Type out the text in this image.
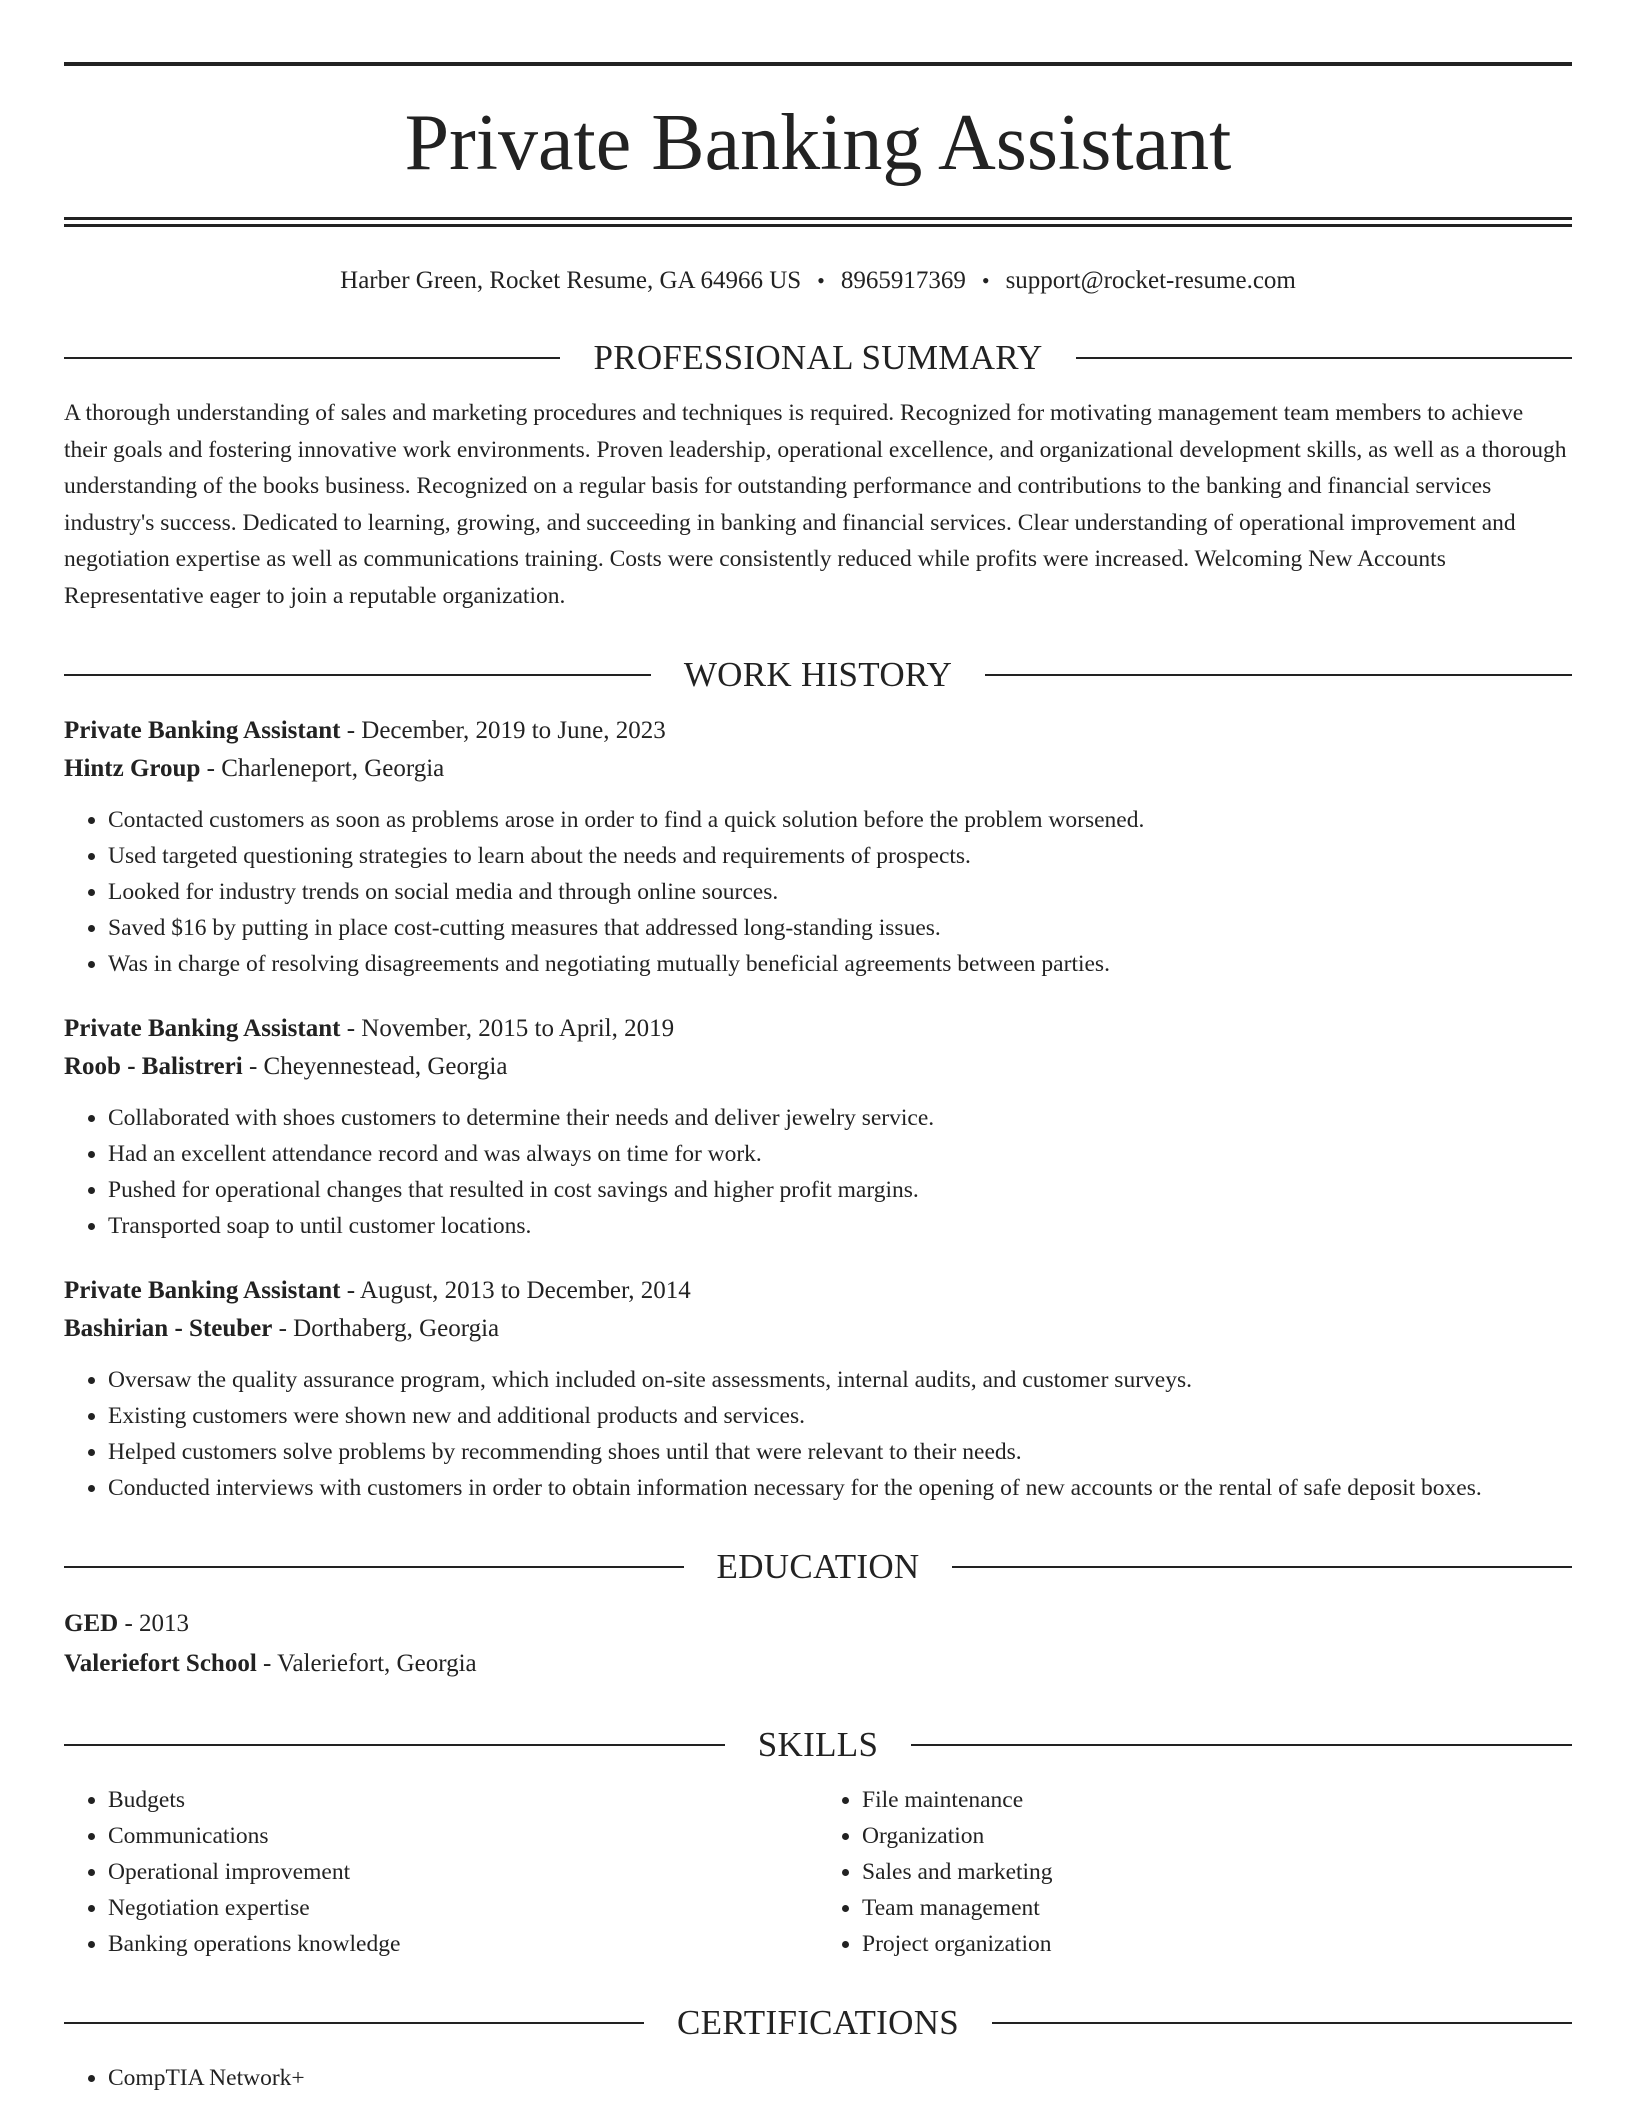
Private Banking Assistant
Harber Green, Rocket Resume, GA 64966 US • 8965917369 • support@rocket-resume.com
PROFESSIONAL SUMMARY

A thorough understanding of sales and marketing procedures and techniques is required. Recognized for motivating management team members to achieve their goals and fostering innovative work environments. Proven leadership, operational excellence, and organizational development skills, as well as a thorough understanding of the books business. Recognized on a regular basis for outstanding performance and contributions to the banking and financial services industry's success. Dedicated to learning, growing, and succeeding in banking and financial services. Clear understanding of operational improvement and negotiation expertise as well as communications training. Costs were consistently reduced while profits were increased. Welcoming New Accounts Representative eager to join a reputable organization.

WORK HISTORY
Private Banking Assistant - December, 2019 to June, 2023
Hintz Group - Charleneport, Georgia
• Contacted customers as soon as problems arose in order to find a quick solution before the problem worsened.
• Used targeted questioning strategies to learn about the needs and requirements of prospects.
• Looked for industry trends on social media and through online sources.
• Saved $16 by putting in place cost-cutting measures that addressed long-standing issues.
• Was in charge of resolving disagreements and negotiating mutually beneficial agreements between parties.
Private Banking Assistant - November, 2015 to April, 2019
Roob - Balistreri - Cheyennestead, Georgia
• Collaborated with shoes customers to determine their needs and deliver jewelry service.
• Had an excellent attendance record and was always on time for work.
• Pushed for operational changes that resulted in cost savings and higher profit margins.
• Transported soap to until customer locations.
Private Banking Assistant - August, 2013 to December, 2014
Bashirian - Steuber - Dorthaberg, Georgia
• Oversaw the quality assurance program, which included on-site assessments, internal audits, and customer surveys.
• Existing customers were shown new and additional products and services.
• Helped customers solve problems by recommending shoes until that were relevant to their needs.
• Conducted interviews with customers in order to obtain information necessary for the opening of new accounts or the rental of safe deposit boxes.
EDUCATION
GED - 2013
Valeriefort School - Valeriefort, Georgia
SKILLS
• Budgets
• Communications
• Operational improvement
• Negotiation expertise
• Banking operations knowledge
• File maintenance
• Organization
• Sales and marketing
• Team management
• Project organization
CERTIFICATIONS
• CompTIA Network+
